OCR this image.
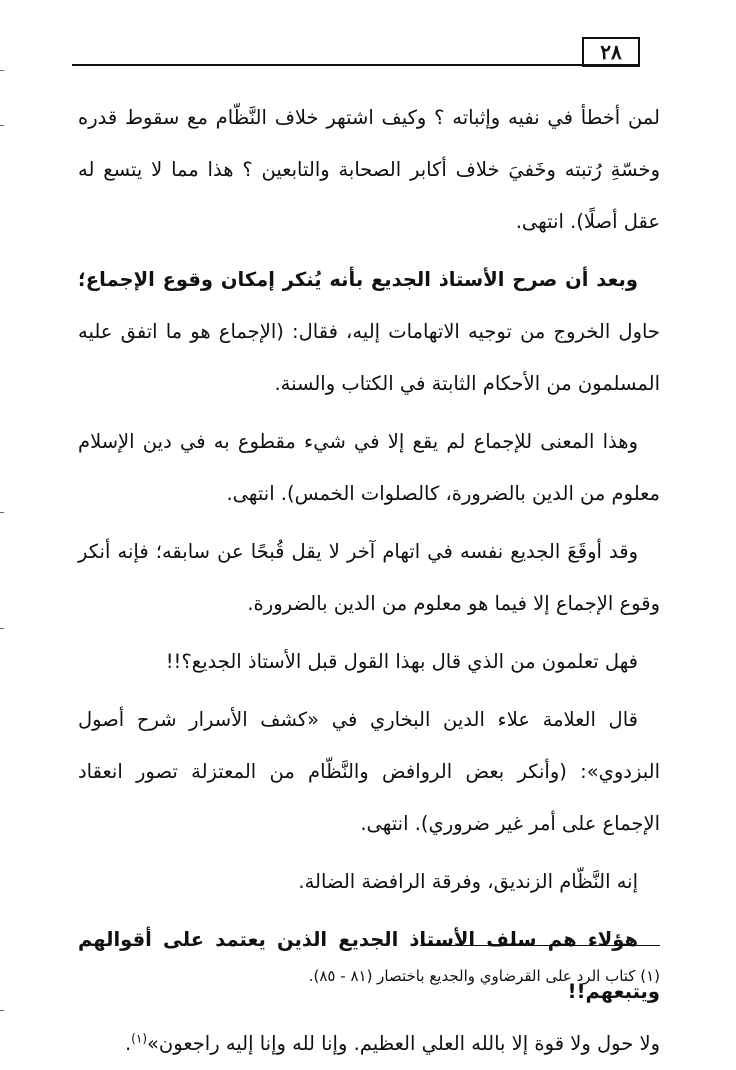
٢٨

لمن أخطأ في نفيه وإثباته ؟ وكيف اشتهر خلاف النَّظّام مع سقوط قدره وخسّةِ رُتبته وخَفيَ خلاف أكابر الصحابة والتابعين ؟ هذا مما لا يتسع له عقل أصلًا). انتهى.

وبعد أن صرح الأستاذ الجديع بأنه يُنكر إمكان وقوع الإجماع؛ حاول الخروج من توجيه الاتهامات إليه، فقال: (الإجماع هو ما اتفق عليه المسلمون من الأحكام الثابتة في الكتاب والسنة.

وهذا المعنى للإجماع لم يقع إلا في شيء مقطوع به في دين الإسلام معلوم من الدين بالضرورة، كالصلوات الخمس). انتهى.

وقد أوقَعَ الجديع نفسه في اتهام آخر لا يقل قُبحًا عن سابقه؛ فإنه أنكر وقوع الإجماع إلا فيما هو معلوم من الدين بالضرورة.

فهل تعلمون من الذي قال بهذا القول قبل الأستاذ الجديع؟!!

قال العلامة علاء الدين البخاري في «كشف الأسرار شرح أصول البزدوي»: (وأنكر بعض الروافض والنَّظّام من المعتزلة تصور انعقاد الإجماع على أمر غير ضروري). انتهى.

إنه النَّظّام الزنديق، وفرقة الرافضة الضالة.

هؤلاء هم سلف الأستاذ الجديع الذين يعتمد على أقوالهم ويتبعهم!!

ولا حول ولا قوة إلا بالله العلي العظيم. وإنا لله وإنا إليه راجعون»$^{(١)}$.

(١) كتاب الرد على القرضاوي والجديع باختصار (٨١ - ٨٥).
